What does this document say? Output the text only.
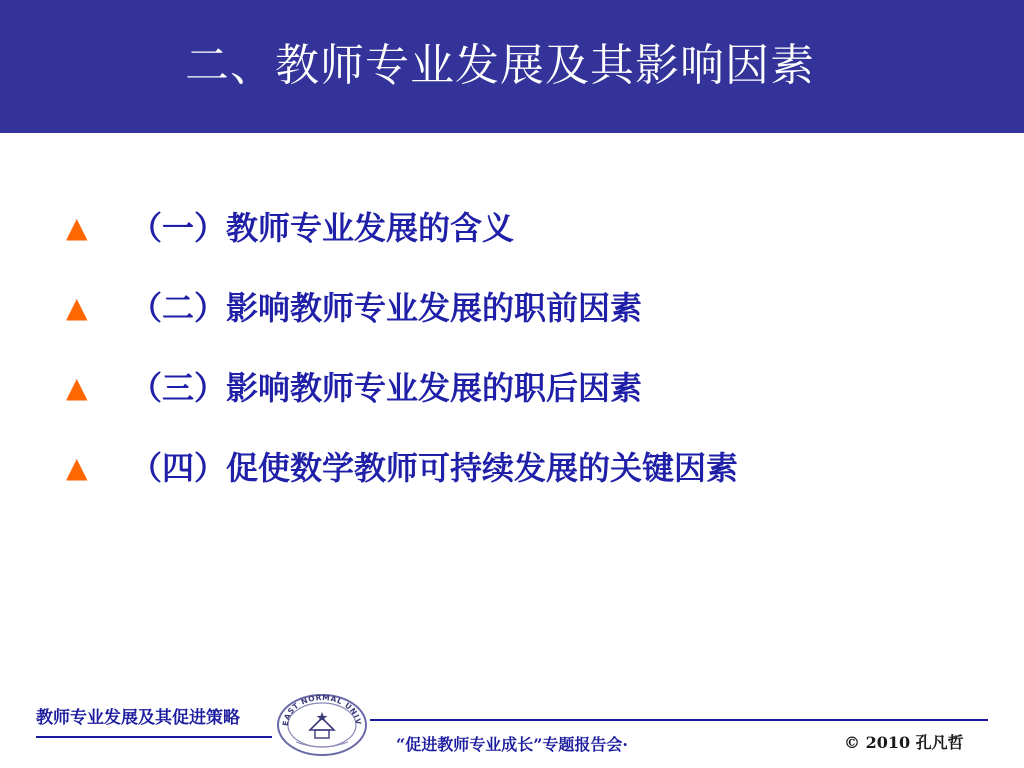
二、教师专业发展及其影响因素
▲	（一）教师专业发展的含义
▲	（二）影响教师专业发展的职前因素
▲	（三）影响教师专业发展的职后因素
▲	（四）促使数学教师可持续发展的关键因素
教师专业发展及其促进策略	EAST NORMAL UNIV
“促进教师专业成长”专题报告会·	© 2010 孔凡哲
